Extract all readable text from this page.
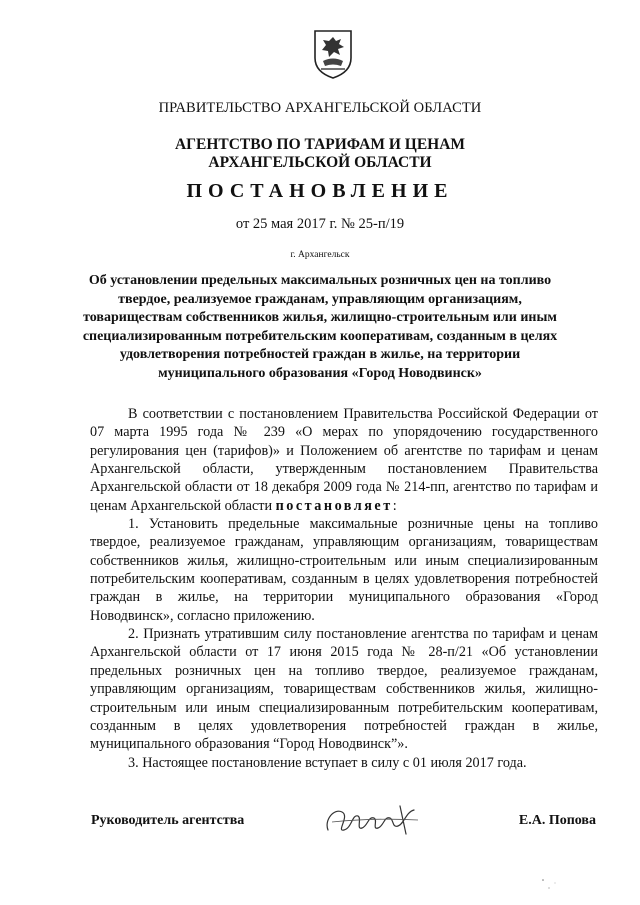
ПРАВИТЕЛЬСТВО АРХАНГЕЛЬСКОЙ ОБЛАСТИ
АГЕНТСТВО ПО ТАРИФАМ И ЦЕНАМ
АРХАНГЕЛЬСКОЙ ОБЛАСТИ
ПОСТАНОВЛЕНИЕ
от 25 мая 2017 г. № 25-п/19
г. Архангельск
Об установлении предельных максимальных розничных цен на топливо твердое, реализуемое гражданам, управляющим организациям, товариществам собственников жилья, жилищно-строительным или иным специализированным потребительским кооперативам, созданным в целях удовлетворения потребностей граждан в жилье, на территории муниципального образования «Город Новодвинск»

В соответствии с постановлением Правительства Российской Федерации от 07 марта 1995 года № 239 «О мерах по упорядочению государственного регулирования цен (тарифов)» и Положением об агентстве по тарифам и ценам Архангельской области, утвержденным постановлением Правительства Архангельской области от 18 декабря 2009 года № 214-пп, агентство по тарифам и ценам Архангельской области постановляет:

1. Установить предельные максимальные розничные цены на топливо твердое, реализуемое гражданам, управляющим организациям, товариществам собственников жилья, жилищно-строительным или иным специализированным потребительским кооперативам, созданным в целях удовлетворения потребностей граждан в жилье, на территории муниципального образования «Город Новодвинск», согласно приложению.

2. Признать утратившим силу постановление агентства по тарифам и ценам Архангельской области от 17 июня 2015 года № 28-п/21 «Об установлении предельных розничных цен на топливо твердое, реализуемое гражданам, управляющим организациям, товариществам собственников жилья, жилищно-строительным или иным специализированным потребительским кооперативам, созданным в целях удовлетворения потребностей граждан в жилье, муниципального образования “Город Новодвинск”».

3. Настоящее постановление вступает в силу с 01 июля 2017 года.

Руководитель агентства	Е.А. Попова
